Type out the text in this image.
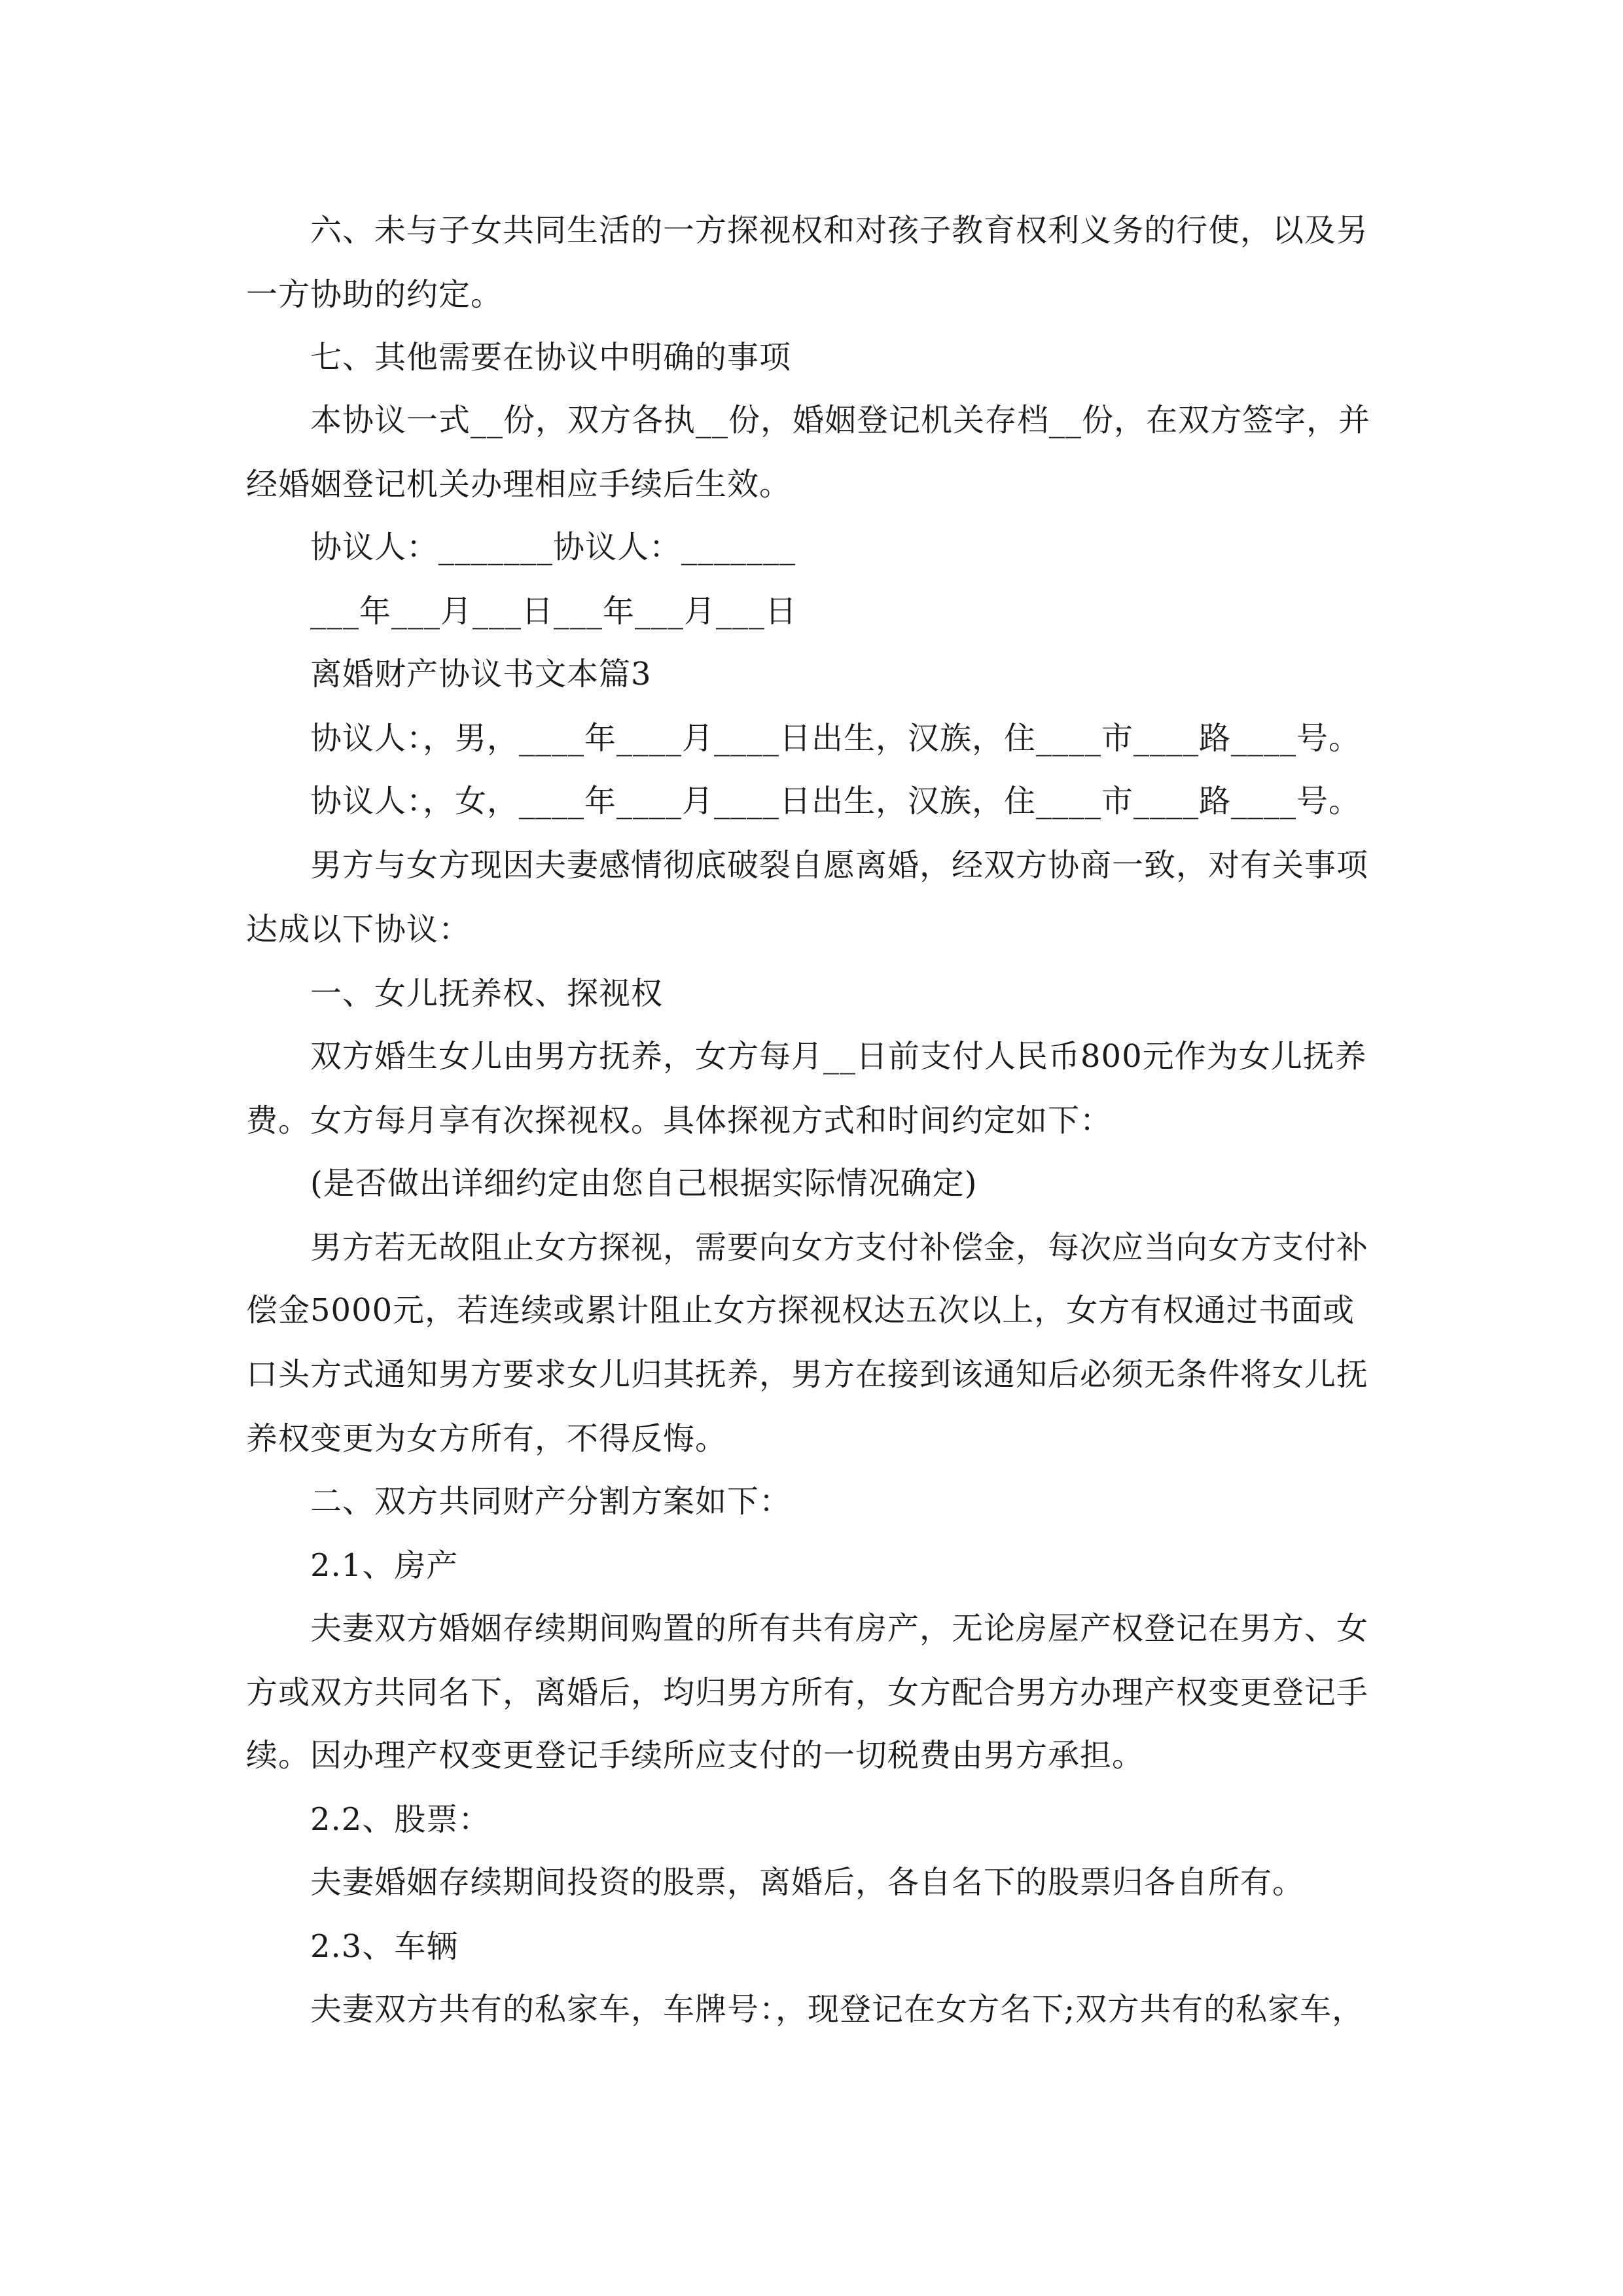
六、未与子女共同生活的一方探视权和对孩子教育权利义务的行使，以及另
一方协助的约定。
七、其他需要在协议中明确的事项
本协议一式__份，双方各执__份，婚姻登记机关存档__份，在双方签字，并
经婚姻登记机关办理相应手续后生效。
协议人：_______协议人：_______
___年___月___日___年___月___日
离婚财产协议书文本篇3
协议人：，男，____年____月____日出生，汉族，住____市____路____号。
协议人：，女，____年____月____日出生，汉族，住____市____路____号。
男方与女方现因夫妻感情彻底破裂自愿离婚，经双方协商一致，对有关事项
达成以下协议：
一、女儿抚养权、探视权
双方婚生女儿由男方抚养，女方每月__日前支付人民币800元作为女儿抚养
费。女方每月享有次探视权。具体探视方式和时间约定如下：
(是否做出详细约定由您自己根据实际情况确定)
男方若无故阻止女方探视，需要向女方支付补偿金，每次应当向女方支付补
偿金5000元，若连续或累计阻止女方探视权达五次以上，女方有权通过书面或
口头方式通知男方要求女儿归其抚养，男方在接到该通知后必须无条件将女儿抚
养权变更为女方所有，不得反悔。
二、双方共同财产分割方案如下：
2.1、房产
夫妻双方婚姻存续期间购置的所有共有房产，无论房屋产权登记在男方、女
方或双方共同名下，离婚后，均归男方所有，女方配合男方办理产权变更登记手
续。因办理产权变更登记手续所应支付的一切税费由男方承担。
2.2、股票：
夫妻婚姻存续期间投资的股票，离婚后，各自名下的股票归各自所有。
2.3、车辆
夫妻双方共有的私家车，车牌号：，现登记在女方名下;双方共有的私家车，
